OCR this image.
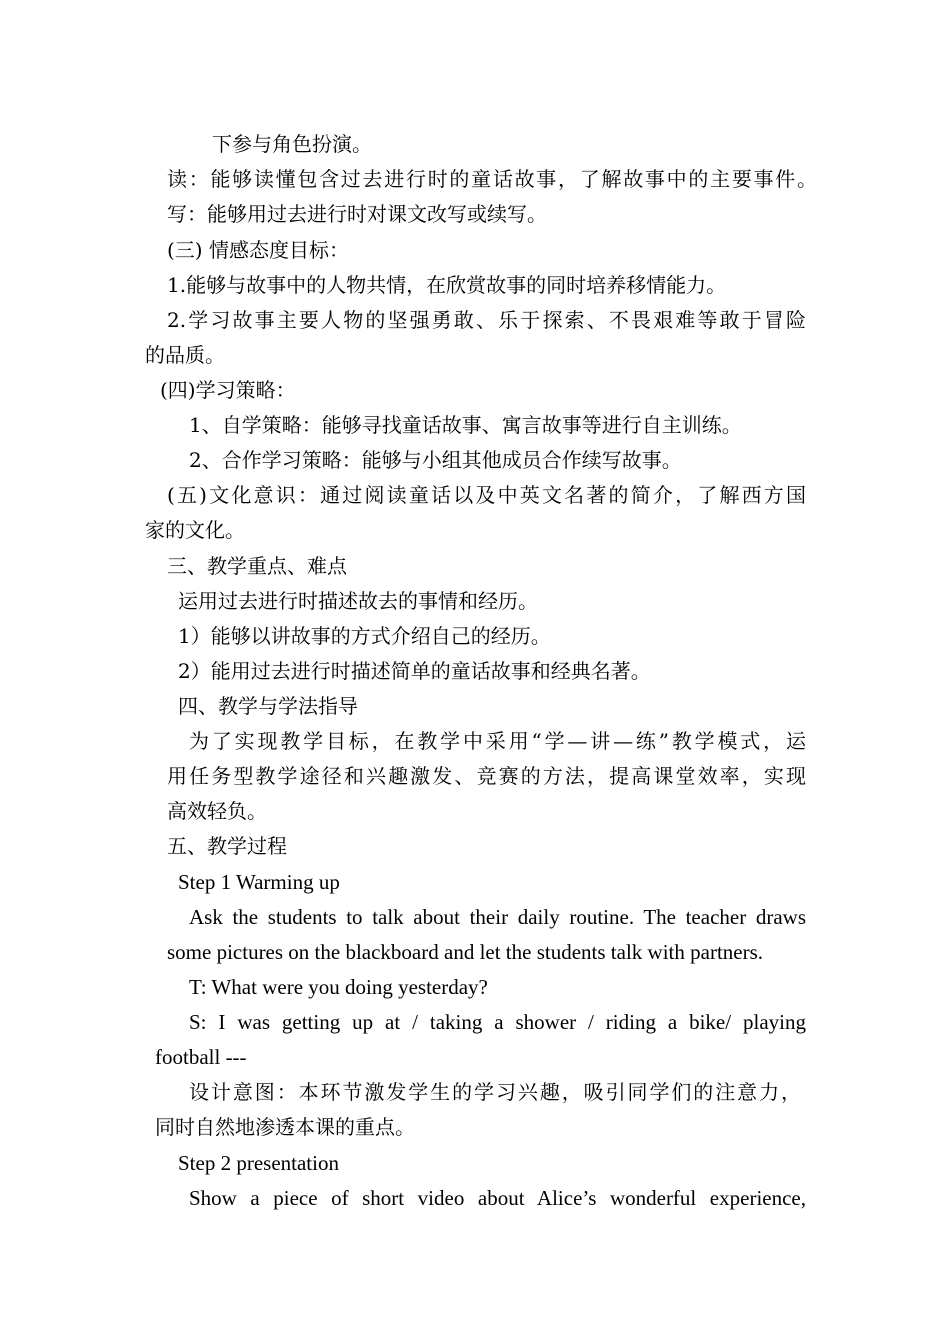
下参与角色扮演。
读：能够读懂包含过去进行时的童话故事，了解故事中的主要事件。
写：能够用过去进行时对课文改写或续写。
(三) 情感态度目标：
1.能够与故事中的人物共情，在欣赏故事的同时培养移情能力。
2.学习故事主要人物的坚强勇敢、乐于探索、不畏艰难等敢于冒险
的品质。
(四)学习策略：
1、自学策略：能够寻找童话故事、寓言故事等进行自主训练。
2、合作学习策略：能够与小组其他成员合作续写故事。
(五)文化意识：通过阅读童话以及中英文名著的简介，了解西方国
家的文化。
三、教学重点、难点
运用过去进行时描述故去的事情和经历。
1）能够以讲故事的方式介绍自己的经历。
2）能用过去进行时描述简单的童话故事和经典名著。
四、教学与学法指导
为了实现教学目标，在教学中采用“学—讲—练”教学模式，运
用任务型教学途径和兴趣激发、竞赛的方法，提高课堂效率，实现
高效轻负。
五、教学过程
Step 1 Warming up
Ask the students to talk about their daily routine. The teacher draws
some pictures on the blackboard and let the students talk with partners.
T: What were you doing yesterday?
S: I was getting up at / taking a shower / riding a bike/ playing
football ---
设计意图：本环节激发学生的学习兴趣，吸引同学们的注意力，
同时自然地渗透本课的重点。
Step 2 presentation
Show a piece of short video about Alice’s wonderful experience,
